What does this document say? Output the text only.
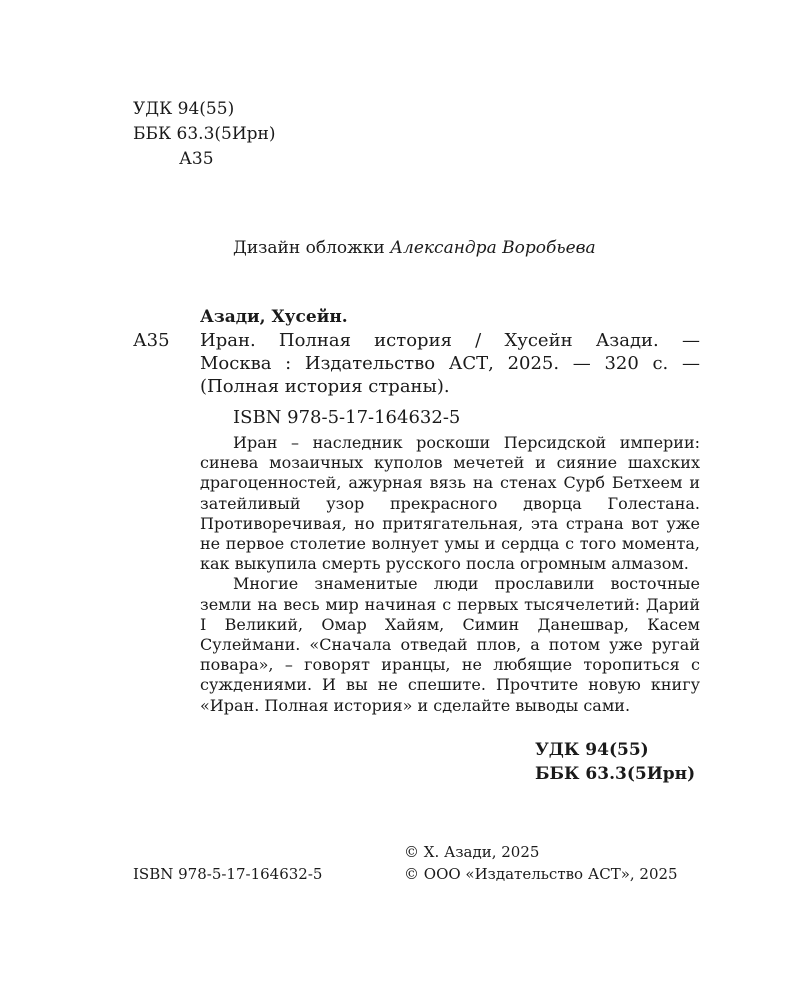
УДК 94(55)
ББК 63.3(5Ирн)
А35
Дизайн обложки Александра Воробьева
Азади, Хусейн.
А35 Иран. Полная история / Хусейн Азади. —
Москва : Издательство АСТ, 2025. — 320 с. —
(Полная история страны).
ISBN 978-5-17-164632-5

Иран – наследник роскоши Персидской империи: синева мозаичных куполов мечетей и сияние шахских драгоценностей, ажурная вязь на стенах Сурб Бетхеем и затейливый узор прекрасного дворца Голестана. Противоречивая, но притягательная, эта страна вот уже не первое столетие волнует умы и сердца с того момента, как выкупила смерть русского посла огромным алмазом.

Многие знаменитые люди прославили восточные земли на весь мир начиная с первых тысячелетий: Дарий I Великий, Омар Хайям, Симин Данешвар, Касем Сулеймани. «Сначала отведай плов, а потом уже ругай повара», – говорят иранцы, не любящие торопиться с суждениями. И вы не спешите. Прочтите новую книгу «Иран. Полная история» и сделайте выводы сами.

УДК 94(55)
ББК 63.3(5Ирн)
© Х. Азади, 2025
© ООО «Издательство АСТ», 2025
ISBN 978-5-17-164632-5
